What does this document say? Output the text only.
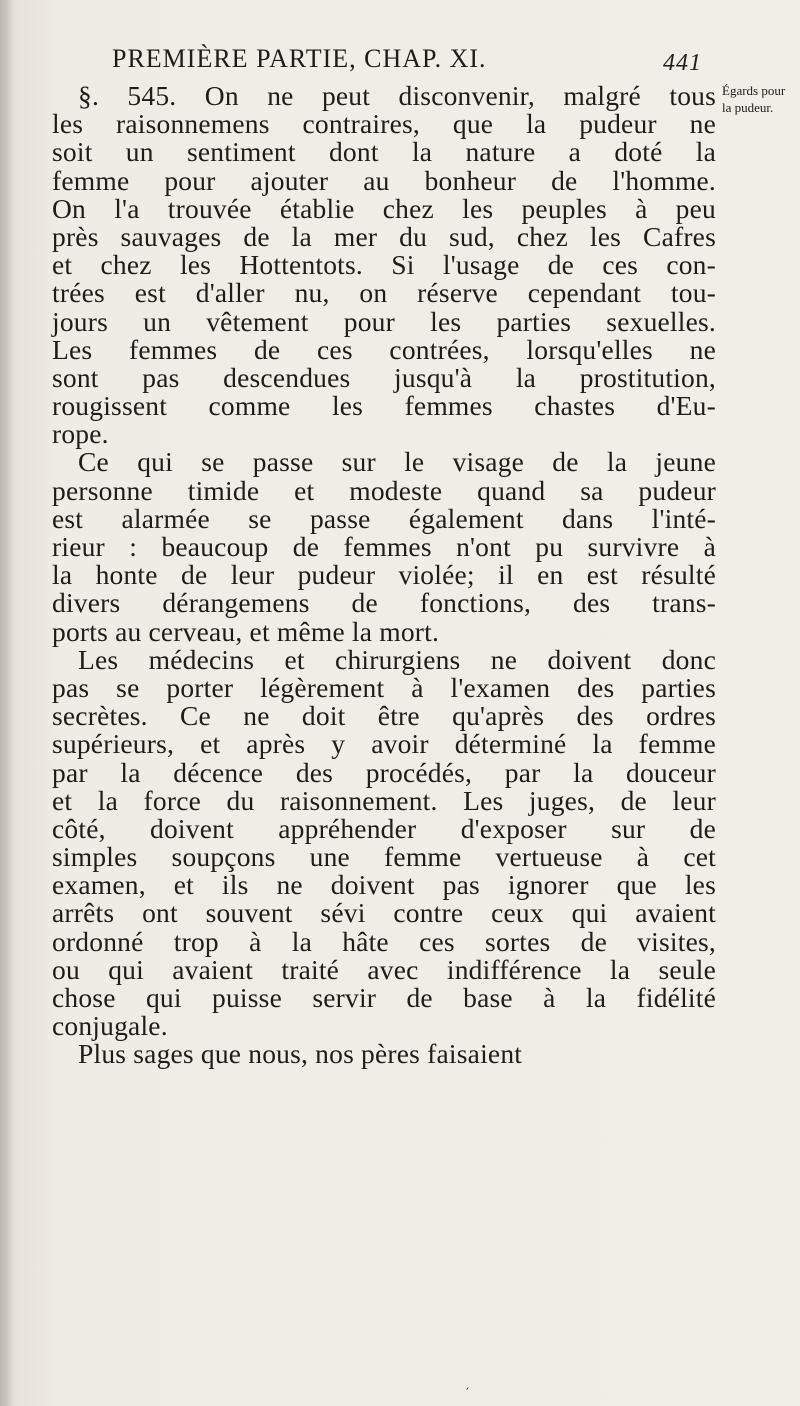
PREMIÈRE PARTIE, CHAP. XI.	441
Égards pour
la pudeur.
§. 545. On ne peut disconvenir, malgré tous
les raisonnemens contraires, que la pudeur ne
soit un sentiment dont la nature a doté la
femme pour ajouter au bonheur de l'homme.
On l'a trouvée établie chez les peuples à peu
près sauvages de la mer du sud, chez les Cafres
et chez les Hottentots. Si l'usage de ces con-
trées est d'aller nu, on réserve cependant tou-
jours un vêtement pour les parties sexuelles.
Les femmes de ces contrées, lorsqu'elles ne
sont pas descendues jusqu'à la prostitution,
rougissent comme les femmes chastes d'Eu-
rope.
Ce qui se passe sur le visage de la jeune
personne timide et modeste quand sa pudeur
est alarmée se passe également dans l'inté-
rieur : beaucoup de femmes n'ont pu survivre à
la honte de leur pudeur violée; il en est résulté
divers dérangemens de fonctions, des trans-
ports au cerveau, et même la mort.
Les médecins et chirurgiens ne doivent donc
pas se porter légèrement à l'examen des parties
secrètes. Ce ne doit être qu'après des ordres
supérieurs, et après y avoir déterminé la femme
par la décence des procédés, par la douceur
et la force du raisonnement. Les juges, de leur
côté, doivent appréhender d'exposer sur de
simples soupçons une femme vertueuse à cet
examen, et ils ne doivent pas ignorer que les
arrêts ont souvent sévi contre ceux qui avaient
ordonné trop à la hâte ces sortes de visites,
ou qui avaient traité avec indifférence la seule
chose qui puisse servir de base à la fidélité
conjugale.
Plus sages que nous, nos pères faisaient
′
